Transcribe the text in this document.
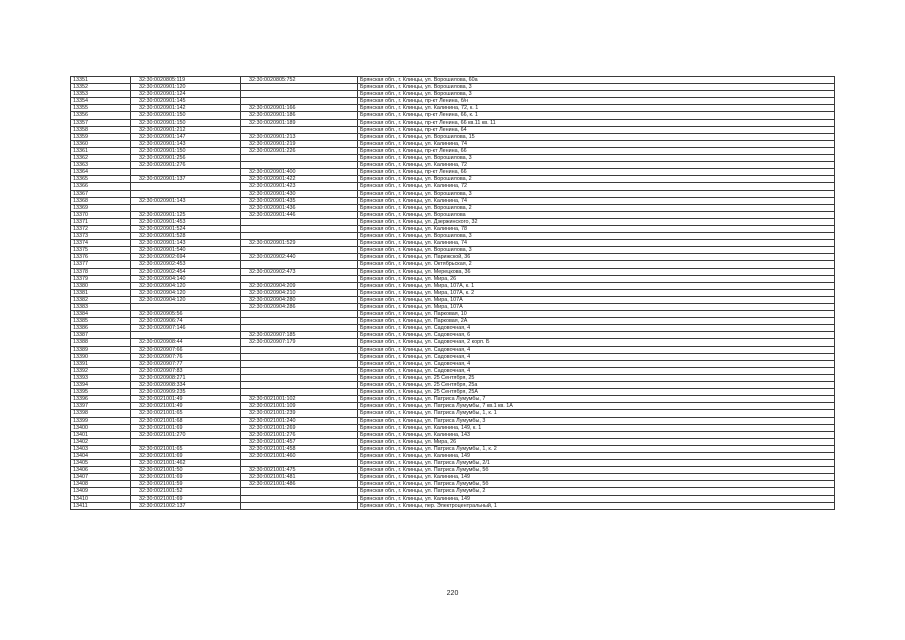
13351	32:30:0020805:119	32:30:0020805:752	Брянская обл., г. Клинцы, ул. Ворошилова, 60а
13352	32:30:0020901:120		Брянская обл., г. Клинцы, ул. Ворошилова, 3
13353	32:30:0020901:124		Брянская обл., г. Клинцы, ул. Ворошилова, 3
13354	32:30:0020901:145		Брянская обл., г. Клинцы, пр-кт Ленина, б/н
13355	32:30:0020901:142	32:30:0020901:166	Брянская обл., г. Клинцы, ул. Калинина, 72, к. 1
13356	32:30:0020901:150	32:30:0020901:186	Брянская обл., г. Клинцы, пр-кт Ленина, 66, к. 1
13357	32:30:0020901:150	32:30:0020901:189	Брянская обл., г. Клинцы, пр-кт Ленина, 66 кв.11 кв. 11
13358	32:30:0020901:212		Брянская обл., г. Клинцы, пр-кт Ленина, 64
13359	32:30:0020901:147	32:30:0020901:213	Брянская обл., г. Клинцы, ул. Ворошилова, 15
13360	32:30:0020901:143	32:30:0020901:219	Брянская обл., г. Клинцы, ул. Калинина, 74
13361	32:30:0020901:150	32:30:0020901:226	Брянская обл., г. Клинцы, пр-кт Ленина, 66
13362	32:30:0020901:256		Брянская обл., г. Клинцы, ул. Ворошилова, 3
13363	32:30:0020901:276		Брянская обл., г. Клинцы, ул. Калинина, 72
13364		32:30:0020901:400	Брянская обл., г. Клинцы, пр-кт Ленина, 66
13365	32:30:0020901:137	32:30:0020901:422	Брянская обл., г. Клинцы, ул. Ворошилова, 2
13366		32:30:0020901:423	Брянская обл., г. Клинцы, ул. Калинина, 72
13367		32:30:0020901:430	Брянская обл., г. Клинцы, ул. Ворошилова, 3
13368	32:30:0020901:143	32:30:0020901:435	Брянская обл., г. Клинцы, ул. Калинина, 74
13369		32:30:0020901:436	Брянская обл., г. Клинцы, ул. Ворошилова, 2
13370	32:30:0020901:125	32:30:0020901:446	Брянская обл., г. Клинцы, ул. Ворошилова
13371	32:30:0020901:453		Брянская обл., г. Клинцы, ул. Дзержинского, 32
13372	32:30:0020901:524		Брянская обл., г. Клинцы, ул. Калинина, 78
13373	32:30:0020901:528		Брянская обл., г. Клинцы, ул. Ворошилова, 3
13374	32:30:0020901:143	32:30:0020901:529	Брянская обл., г. Клинцы, ул. Калинина, 74
13375	32:30:0020901:540		Брянская обл., г. Клинцы, ул. Ворошилова, 3
13376	32:30:0020902:694	32:30:0020902:440	Брянская обл., г. Клинцы, ул. Парижской, 36
13377	32:30:0020902:453		Брянская обл., г. Клинцы, ул. Октябрьская, 2
13378	32:30:0020902:454	32:30:0020902:473	Брянская обл., г. Клинцы, ул. Мерецкова, 36
13379	32:30:0020904:140		Брянская обл., г. Клинцы, ул. Мира, 26
13380	32:30:0020904:120	32:30:0020904:209	Брянская обл., г. Клинцы, ул. Мира, 107А, к. 1
13381	32:30:0020904:120	32:30:0020904:210	Брянская обл., г. Клинцы, ул. Мира, 107А, к. 2
13382	32:30:0020904:120	32:30:0020904:280	Брянская обл., г. Клинцы, ул. Мира, 107А
13383		32:30:0020904:286	Брянская обл., г. Клинцы, ул. Мира, 107А
13384	32:30:0020905:56		Брянская обл., г. Клинцы, ул. Парковая, 10
13385	32:30:0020906:74		Брянская обл., г. Клинцы, ул. Парковая, 2А
13386	32:30:0020907:146		Брянская обл., г. Клинцы, ул. Садовочная, 4
13387		32:30:0020907:185	Брянская обл., г. Клинцы, ул. Садовочная, 6
13388	32:30:0020908:44	32:30:0020907:179	Брянская обл., г. Клинцы, ул. Садовочная, 2 корп. Б
13389	32:30:0020907:66		Брянская обл., г. Клинцы, ул. Садовочная, 4
13390	32:30:0020907:76		Брянская обл., г. Клинцы, ул. Садовочная, 4
13391	32:30:0020907:77		Брянская обл., г. Клинцы, ул. Садовочная, 4
13392	32:30:0020907:83		Брянская обл., г. Клинцы, ул. Садовочная, 4
13393	32:30:0020908:271		Брянская обл., г. Клинцы, ул. 25 Сентября, 25
13394	32:30:0020908:334		Брянская обл., г. Клинцы, ул. 25 Сентября, 25а
13395	32:30:0020909:235		Брянская обл., г. Клинцы, ул. 25 Сентября, 25А
13396	32:30:0021001:49	32:30:0021001:102	Брянская обл., г. Клинцы, ул. Патриса Лумумбы, 7
13397	32:30:0021001:49	32:30:0021001:109	Брянская обл., г. Клинцы, ул. Патриса Лумумбы, 7 кв.1 кв. 1А
13398	32:30:0021001:65	32:30:0021001:239	Брянская обл., г. Клинцы, ул. Патриса Лумумбы, 1, к. 1
13399	32:30:0021001:68	32:30:0021001:240	Брянская обл., г. Клинцы, ул. Патриса Лумумбы, 3
13400	32:30:0021001:69	32:30:0021001:269	Брянская обл., г. Клинцы, ул. Калинина, 149, к. 1
13401	32:30:0021001:270	32:30:0021001:276	Брянская обл., г. Клинцы, ул. Калинина, 143
13402		32:30:0021001:457	Брянская обл., г. Клинцы, ул. Мира, 26
13403	32:30:0021001:65	32:30:0021001:458	Брянская обл., г. Клинцы, ул. Патриса Лумумбы, 1, к. 2
13404	32:30:0021001:69	32:30:0021001:460	Брянская обл., г. Клинцы, ул. Калинина, 149
13405	32:30:0021001:462		Брянская обл., г. Клинцы, ул. Патриса Лумумбы, 2/1
13406	32:30:0021001:50	32:30:0021001:475	Брянская обл., г. Клинцы, ул. Патриса Лумумбы, 5б
13407	32:30:0021001:69	32:30:0021001:481	Брянская обл., г. Клинцы, ул. Калинина, 149
13408	32:30:0021001:59	32:30:0021001:486	Брянская обл., г. Клинцы, ул. Патриса Лумумбы, 5б
13409	32:30:0021001:52		Брянская обл., г. Клинцы, ул. Патриса Лумумбы, 2
13410	32:30:0021001:69		Брянская обл., г. Клинцы, ул. Калинина, 149
13411	32:30:0021002:137		Брянская обл., г. Клинцы, пер. Электроцентральный, 1
220
